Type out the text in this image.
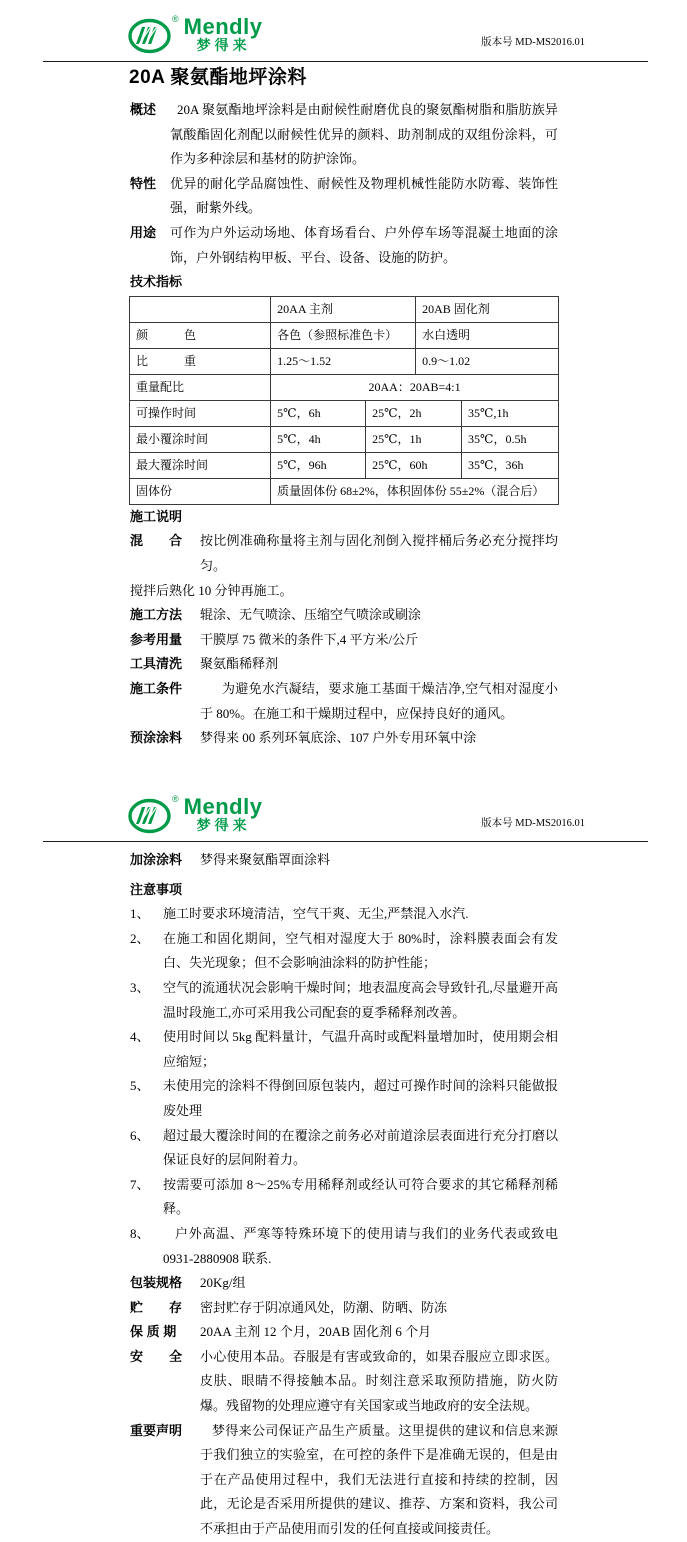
® Mendly
梦得来	版本号 MD-MS2016.01
20A 聚氨酯地坪涂料
概述	20A 聚氨酯地坪涂料是由耐候性耐磨优良的聚氨酯树脂和脂肪族异氰酸酯固化剂配以耐候性优异的颜料、助剂制成的双组份涂料，可作为多种涂层和基材的防护涂饰。
特性	优异的耐化学品腐蚀性、耐候性及物理机械性能防水防霉、装饰性强，耐紫外线。
用途	可作为户外运动场地、体育场看台、户外停车场等混凝土地面的涂饰，户外钢结构甲板、平台、设备、设施的防护。
技术指标
	20AA 主剂		20AB 固化剂	
颜　　　色	各色（参照标准色卡）		水白透明	
比　　　重	1.25～1.52		0.9～1.02	
重量配比	20AA：20AB=4:1			
可操作时间	5℃，6h	25℃，2h		35℃,1h
最小覆涂时间	5℃，4h	25℃，1h		35℃，0.5h
最大覆涂时间	5℃，96h	25℃，60h		35℃，36h
固体份	质量固体份 68±2%，体积固体份 55±2%（混合后）			
施工说明
混　　合	按比例准确称量将主剂与固化剂倒入搅拌桶后务必充分搅拌均匀。
搅拌后熟化 10 分钟再施工。
施工方法	辊涂、无气喷涂、压缩空气喷涂或刷涂
参考用量	干膜厚 75 微米的条件下,4 平方米/公斤
工具清洗	聚氨酯稀释剂
施工条件	为避免水汽凝结，要求施工基面干燥洁净,空气相对湿度小于 80%。在施工和干燥期过程中，应保持良好的通风。
预涂涂料	梦得来 00 系列环氧底涂、107 户外专用环氧中涂
® Mendly
梦得来	版本号 MD-MS2016.01
加涂涂料	梦得来聚氨酯罩面涂料
注意事项
1、	施工时要求环境清洁，空气干爽、无尘,严禁混入水汽.
2、	在施工和固化期间，空气相对湿度大于 80%时，涂料膜表面会有发白、失光现象；但不会影响油涂料的防护性能；
3、	空气的流通状况会影响干燥时间；地表温度高会导致针孔,尽量避开高温时段施工,亦可采用我公司配套的夏季稀释剂改善。
4、	使用时间以 5kg 配料量计，气温升高时或配料量增加时，使用期会相应缩短；
5、	未使用完的涂料不得倒回原包装内，超过可操作时间的涂料只能做报废处理
6、	超过最大覆涂时间的在覆涂之前务必对前道涂层表面进行充分打磨以保证良好的层间附着力。
7、	按需要可添加 8～25%专用稀释剂或经认可符合要求的其它稀释剂稀释。
8、	户外高温、严寒等特殊环境下的使用请与我们的业务代表或致电 0931-2880908 联系.
包装规格	20Kg/组
贮　　存	密封贮存于阴凉通风处，防潮、防晒、防冻
保 质 期	20AA 主剂 12 个月，20AB 固化剂 6 个月
安　　全	小心使用本品。吞服是有害或致命的，如果吞服应立即求医。皮肤、眼睛不得接触本品。时刻注意采取预防措施，防火防爆。残留物的处理应遵守有关国家或当地政府的安全法规。
重要声明	梦得来公司保证产品生产质量。这里提供的建议和信息来源于我们独立的实验室，在可控的条件下是准确无误的，但是由于在产品使用过程中，我们无法进行直接和持续的控制，因此，无论是否采用所提供的建议、推荐、方案和资料，我公司不承担由于产品使用而引发的任何直接或间接责任。
